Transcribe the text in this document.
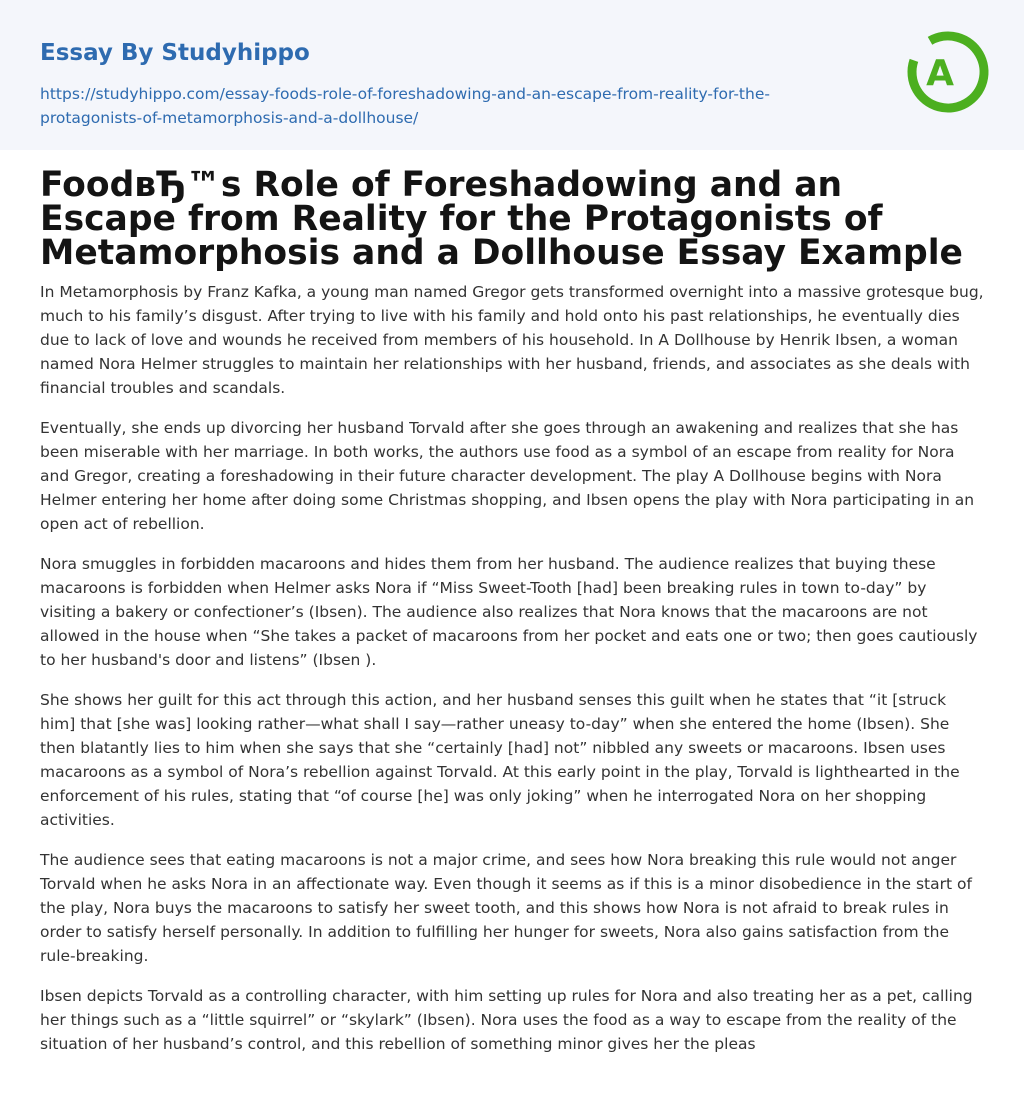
Essay By Studyhippo
https://studyhippo.com/essay-foods-role-of-foreshadowing-and-an-escape-from-reality-for-the-protagonists-of-metamorphosis-and-a-dollhouse/
A
FoodвЂ™s Role of Foreshadowing and an Escape from Reality for the Protagonists of Metamorphosis and a Dollhouse Essay Example

In Metamorphosis by Franz Kafka, a young man named Gregor gets transformed overnight into a massive grotesque bug, much to his family’s disgust. After trying to live with his family and hold onto his past relationships, he eventually dies due to lack of love and wounds he received from members of his household. In A Dollhouse by Henrik Ibsen, a woman named Nora Helmer struggles to maintain her relationships with her husband, friends, and associates as she deals with financial troubles and scandals.

Eventually, she ends up divorcing her husband Torvald after she goes through an awakening and realizes that she has been miserable with her marriage. In both works, the authors use food as a symbol of an escape from reality for Nora and Gregor, creating a foreshadowing in their future character development. The play A Dollhouse begins with Nora Helmer entering her home after doing some Christmas shopping, and Ibsen opens the play with Nora participating in an open act of rebellion.

Nora smuggles in forbidden macaroons and hides them from her husband. The audience realizes that buying these macaroons is forbidden when Helmer asks Nora if “Miss Sweet-Tooth [had] been breaking rules in town to-day” by visiting a bakery or confectioner’s (Ibsen). The audience also realizes that Nora knows that the macaroons are not allowed in the house when “She takes a packet of macaroons from her pocket and eats one or two; then goes cautiously to her husband's door and listens” (Ibsen ).

She shows her guilt for this act through this action, and her husband senses this guilt when he states that “it [struck him] that [she was] looking rather—what shall I say—rather uneasy to-day” when she entered the home (Ibsen). She then blatantly lies to him when she says that she “certainly [had] not” nibbled any sweets or macaroons. Ibsen uses macaroons as a symbol of Nora’s rebellion against Torvald. At this early point in the play, Torvald is lighthearted in the enforcement of his rules, stating that “of course [he] was only joking” when he interrogated Nora on her shopping activities.

The audience sees that eating macaroons is not a major crime, and sees how Nora breaking this rule would not anger Torvald when he asks Nora in an affectionate way. Even though it seems as if this is a minor disobedience in the start of the play, Nora buys the macaroons to satisfy her sweet tooth, and this shows how Nora is not afraid to break rules in order to satisfy herself personally. In addition to fulfilling her hunger for sweets, Nora also gains satisfaction from the rule-breaking.

Ibsen depicts Torvald as a controlling character, with him setting up rules for Nora and also treating her as a pet, calling her things such as a “little squirrel” or “skylark” (Ibsen). Nora uses the food as a way to escape from the reality of the situation of her husband’s control, and this rebellion of something minor gives her the pleas
